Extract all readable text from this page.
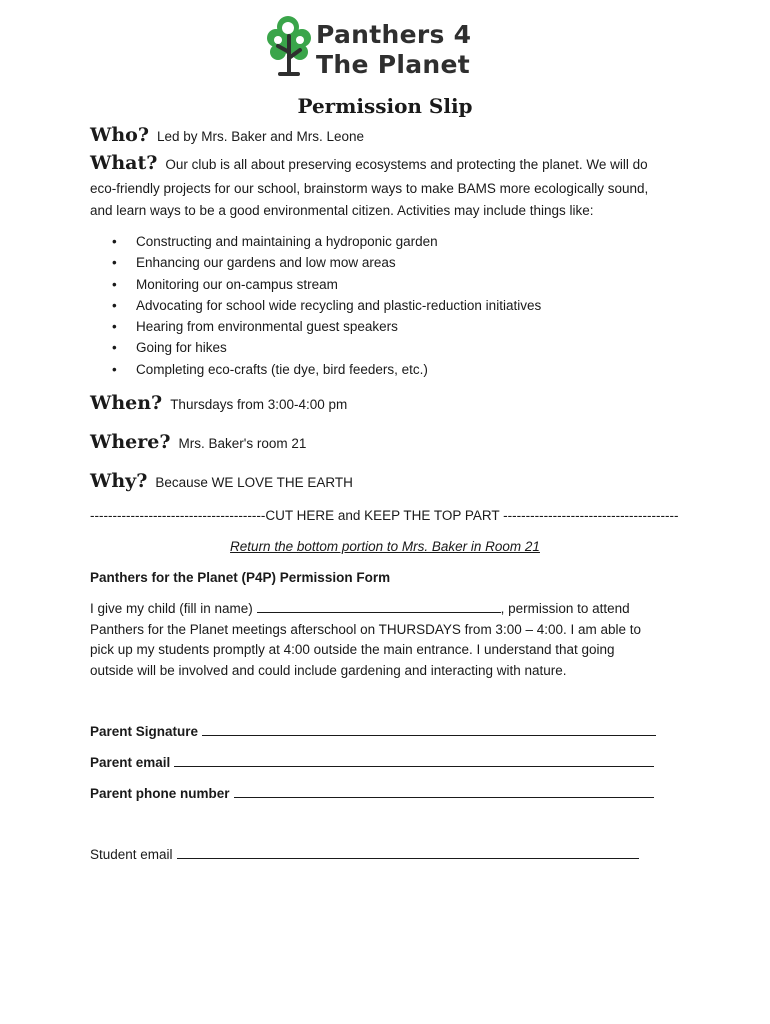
Panthers 4
The Planet
Permission Slip
Who? Led by Mrs. Baker and Mrs. Leone
What? Our club is all about preserving ecosystems and protecting the planet. We will do
eco-friendly projects for our school, brainstorm ways to make BAMS more ecologically sound,
and learn ways to be a good environmental citizen. Activities may include things like:
• Constructing and maintaining a hydroponic garden
• Enhancing our gardens and low mow areas
• Monitoring our on-campus stream
• Advocating for school wide recycling and plastic-reduction initiatives
• Hearing from environmental guest speakers
• Going for hikes
• Completing eco-crafts (tie dye, bird feeders, etc.)
When? Thursdays from 3:00-4:00 pm
Where? Mrs. Baker's room 21
Why? Because WE LOVE THE EARTH
---------------------------------------CUT HERE and KEEP THE TOP PART ---------------------------------------
Return the bottom portion to Mrs. Baker in Room 21
Panthers for the Planet (P4P) Permission Form
I give my child (fill in name)	, permission to attend
Panthers for the Planet meetings afterschool on THURSDAYS from 3:00 – 4:00. I am able to
pick up my students promptly at 4:00 outside the main entrance. I understand that going
outside will be involved and could include gardening and interacting with nature.
Parent Signature
Parent email
Parent phone number
Student email
